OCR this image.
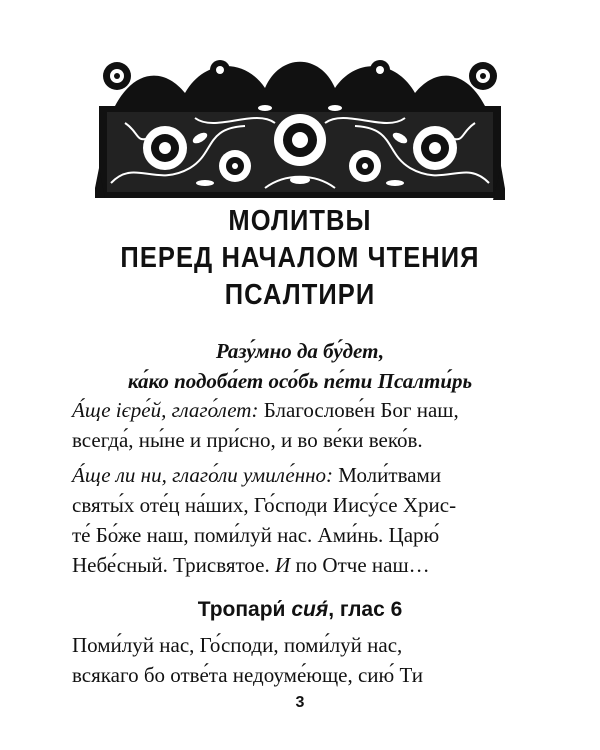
МОЛИТВЫ
ПЕРЕД НАЧАЛОМ ЧТЕНИЯ
ПСАЛТИРИ
Разу́мно да бу́дет,
ка́ко подоба́ет осо́бь пе́ти Псалти́рь
А́ще ієре́й, глаго́лет: Благослове́н Бог наш,
всегда́, ны́не и при́сно, и во ве́ки веко́в.
А́ще ли ни, глаго́ли умиле́нно: Моли́твами
святы́х оте́ц на́ших, Го́споди Иису́се Хрис-
те́ Бо́же наш, поми́луй нас. Ами́нь. Царю́
Небе́сный. Трисвятое. И по Отче наш…
Тропари́ сия́, глас 6
Поми́луй нас, Го́споди, поми́луй нас,
всякаго бо отве́та недоуме́юще, сию́ Ти
3
